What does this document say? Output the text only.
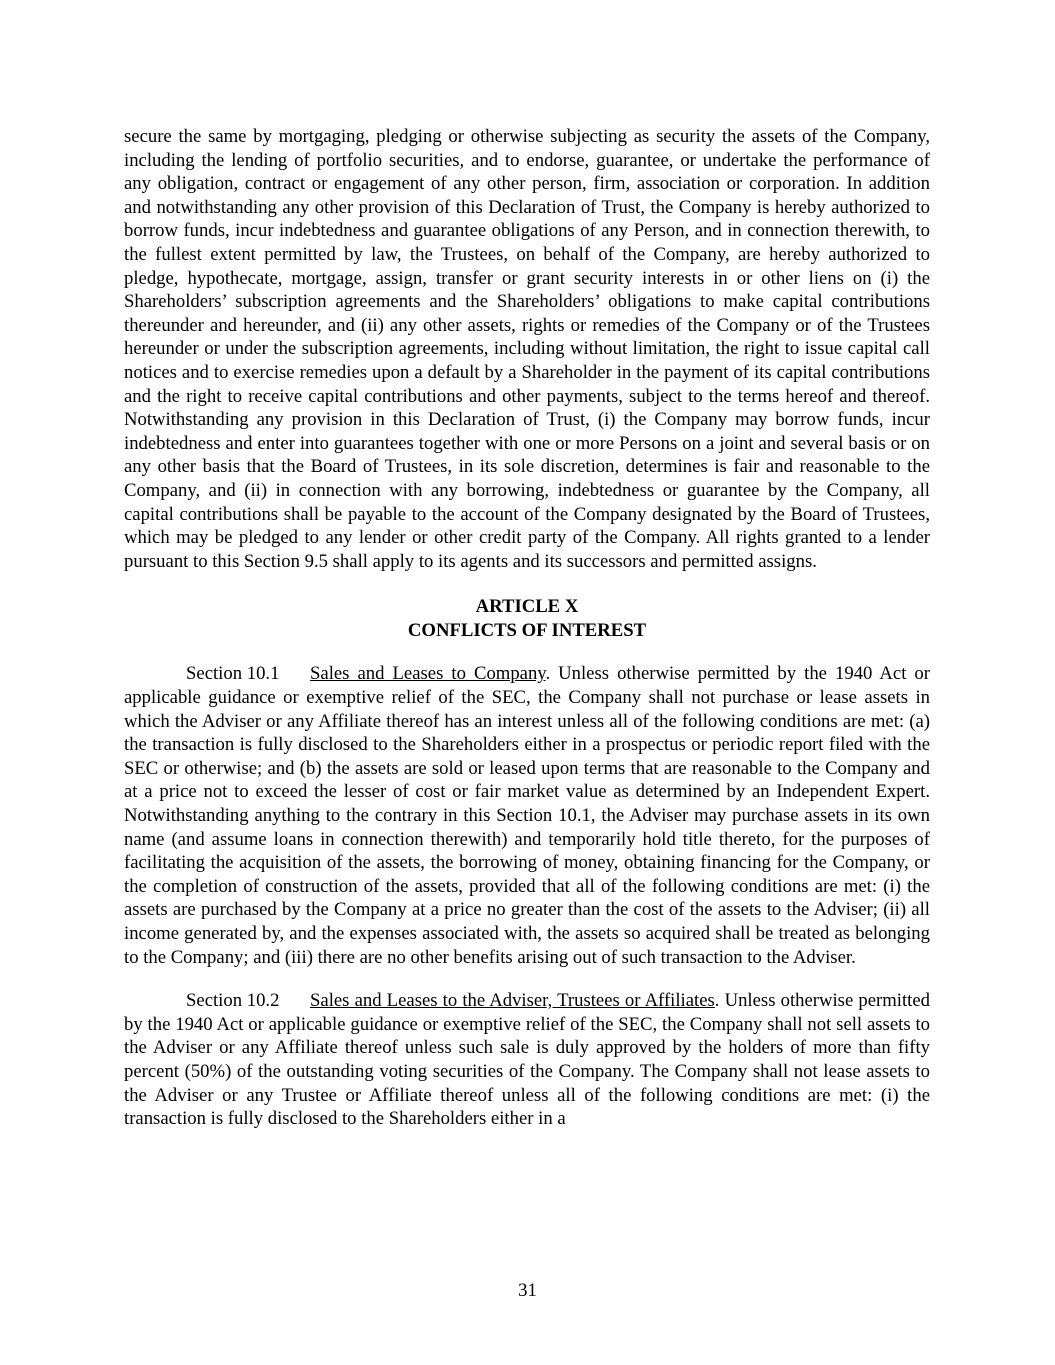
secure the same by mortgaging, pledging or otherwise subjecting as security the assets of the Company, including the lending of portfolio securities, and to endorse, guarantee, or undertake the performance of any obligation, contract or engagement of any other person, firm, association or corporation. In addition and notwithstanding any other provision of this Declaration of Trust, the Company is hereby authorized to borrow funds, incur indebtedness and guarantee obligations of any Person, and in connection therewith, to the fullest extent permitted by law, the Trustees, on behalf of the Company, are hereby authorized to pledge, hypothecate, mortgage, assign, transfer or grant security interests in or other liens on (i) the Shareholders’ subscription agreements and the Shareholders’ obligations to make capital contributions thereunder and hereunder, and (ii) any other assets, rights or remedies of the Company or of the Trustees hereunder or under the subscription agreements, including without limitation, the right to issue capital call notices and to exercise remedies upon a default by a Shareholder in the payment of its capital contributions and the right to receive capital contributions and other payments, subject to the terms hereof and thereof. Notwithstanding any provision in this Declaration of Trust, (i) the Company may borrow funds, incur indebtedness and enter into guarantees together with one or more Persons on a joint and several basis or on any other basis that the Board of Trustees, in its sole discretion, determines is fair and reasonable to the Company, and (ii) in connection with any borrowing, indebtedness or guarantee by the Company, all capital contributions shall be payable to the account of the Company designated by the Board of Trustees, which may be pledged to any lender or other credit party of the Company. All rights granted to a lender pursuant to this Section 9.5 shall apply to its agents and its successors and permitted assigns.

ARTICLE X
CONFLICTS OF INTEREST

Section 10.1 Sales and Leases to Company. Unless otherwise permitted by the 1940 Act or applicable guidance or exemptive relief of the SEC, the Company shall not purchase or lease assets in which the Adviser or any Affiliate thereof has an interest unless all of the following conditions are met: (a) the transaction is fully disclosed to the Shareholders either in a prospectus or periodic report filed with the SEC or otherwise; and (b) the assets are sold or leased upon terms that are reasonable to the Company and at a price not to exceed the lesser of cost or fair market value as determined by an Independent Expert. Notwithstanding anything to the contrary in this Section 10.1, the Adviser may purchase assets in its own name (and assume loans in connection therewith) and temporarily hold title thereto, for the purposes of facilitating the acquisition of the assets, the borrowing of money, obtaining financing for the Company, or the completion of construction of the assets, provided that all of the following conditions are met: (i) the assets are purchased by the Company at a price no greater than the cost of the assets to the Adviser; (ii) all income generated by, and the expenses associated with, the assets so acquired shall be treated as belonging to the Company; and (iii) there are no other benefits arising out of such transaction to the Adviser.

Section 10.2 Sales and Leases to the Adviser, Trustees or Affiliates. Unless otherwise permitted by the 1940 Act or applicable guidance or exemptive relief of the SEC, the Company shall not sell assets to the Adviser or any Affiliate thereof unless such sale is duly approved by the holders of more than fifty percent (50%) of the outstanding voting securities of the Company. The Company shall not lease assets to the Adviser or any Trustee or Affiliate thereof unless all of the following conditions are met: (i) the transaction is fully disclosed to the Shareholders either in a

31
